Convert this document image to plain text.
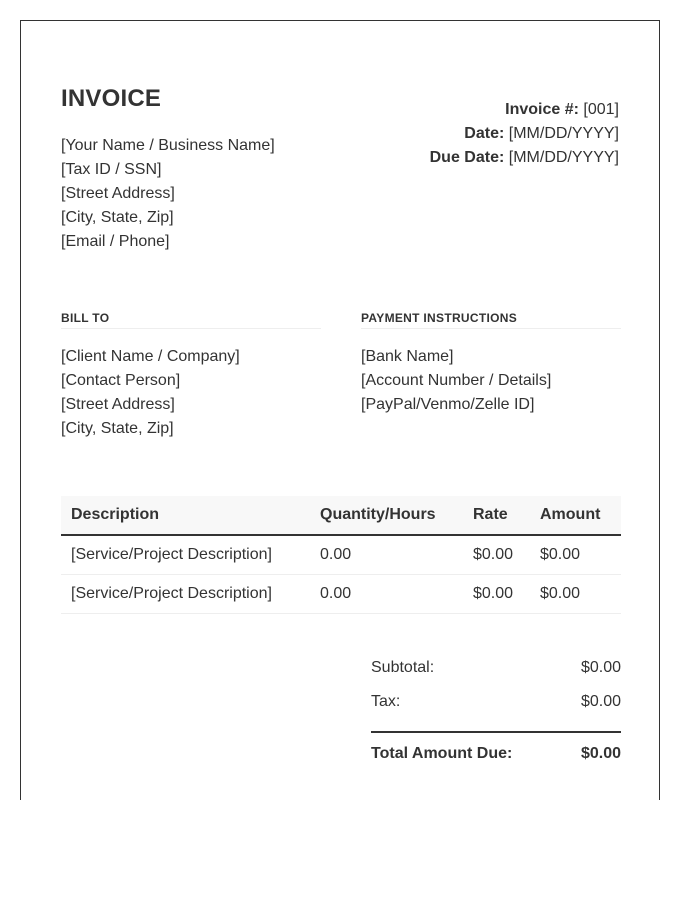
INVOICE
[Your Name / Business Name]
[Tax ID / SSN]
[Street Address]
[City, State, Zip]
[Email / Phone]
Invoice #: [001]
Date: [MM/DD/YYYY]
Due Date: [MM/DD/YYYY]
BILL TO	PAYMENT INSTRUCTIONS
[Client Name / Company]
[Contact Person]
[Street Address]
[City, State, Zip]
[Bank Name]
[Account Number / Details]
[PayPal/Venmo/Zelle ID]
Description	Quantity/Hours	Rate	Amount
[Service/Project Description]	0.00	$0.00	$0.00
[Service/Project Description]	0.00	$0.00	$0.00
Subtotal:	$0.00
Tax:	$0.00
Total Amount Due:	$0.00
